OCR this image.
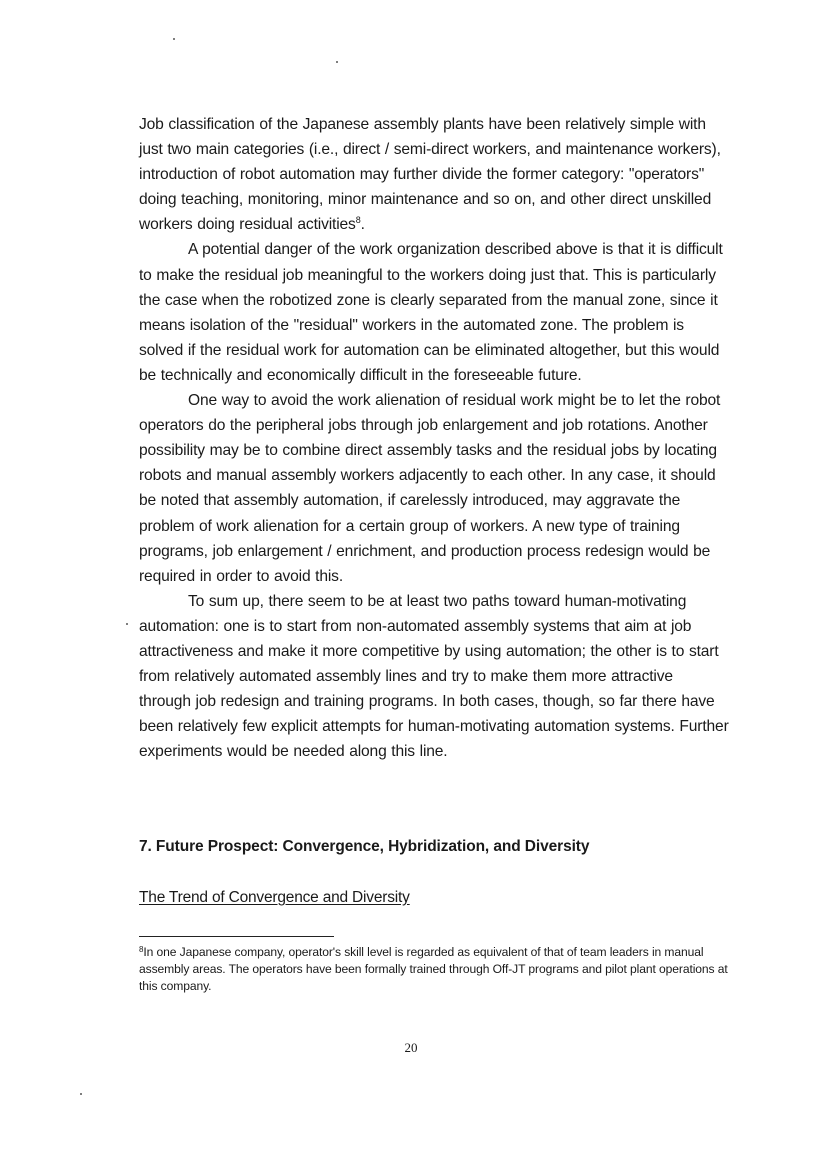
Job classification of the Japanese assembly plants have been relatively simple with just two main categories (i.e., direct / semi-direct workers, and maintenance workers), introduction of robot automation may further divide the former category: "operators" doing teaching, monitoring, minor maintenance and so on, and other direct unskilled workers doing residual activities$^8$.

A potential danger of the work organization described above is that it is difficult to make the residual job meaningful to the workers doing just that. This is particularly the case when the robotized zone is clearly separated from the manual zone, since it means isolation of the "residual" workers in the automated zone. The problem is solved if the residual work for automation can be eliminated altogether, but this would be technically and economically difficult in the foreseeable future.

One way to avoid the work alienation of residual work might be to let the robot operators do the peripheral jobs through job enlargement and job rotations. Another possibility may be to combine direct assembly tasks and the residual jobs by locating robots and manual assembly workers adjacently to each other. In any case, it should be noted that assembly automation, if carelessly introduced, may aggravate the problem of work alienation for a certain group of workers. A new type of training programs, job enlargement / enrichment, and production process redesign would be required in order to avoid this.

To sum up, there seem to be at least two paths toward human-motivating automation: one is to start from non-automated assembly systems that aim at job attractiveness and make it more competitive by using automation; the other is to start from relatively automated assembly lines and try to make them more attractive through job redesign and training programs. In both cases, though, so far there have been relatively few explicit attempts for human-motivating automation systems. Further experiments would be needed along this line.

7. Future Prospect: Convergence, Hybridization, and Diversity
The Trend of Convergence and Diversity
$^8$In one Japanese company, operator's skill level is regarded as equivalent of that of team leaders in manual assembly areas. The operators have been formally trained through Off-JT programs and pilot plant operations at this company.
20
